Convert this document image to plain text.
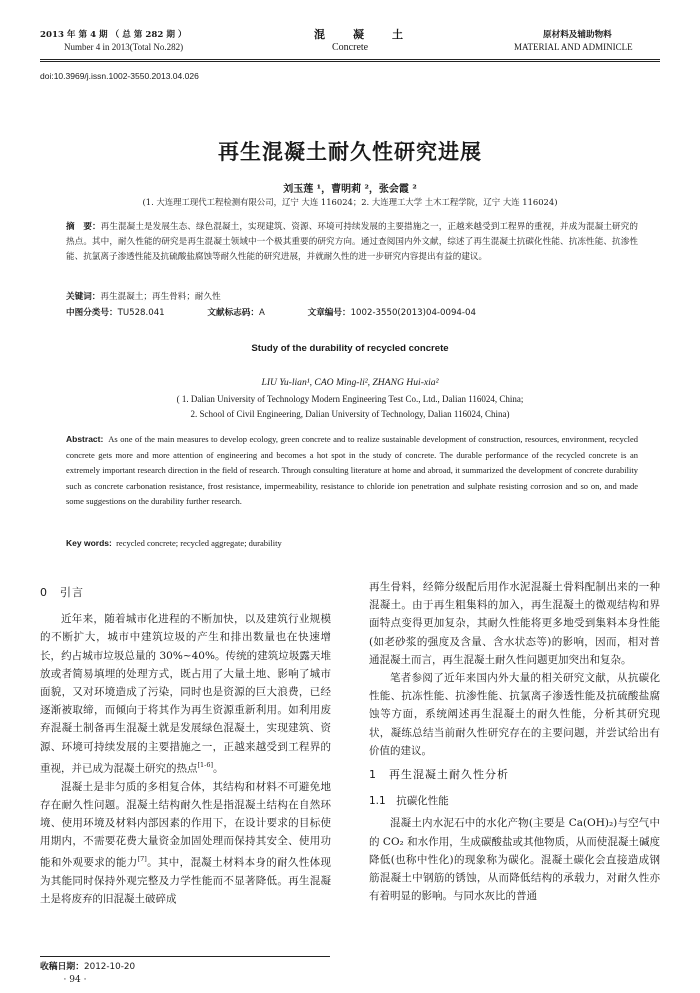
2013 年 第 4 期 （ 总 第 282 期 ）
Number 4 in 2013(Total No.282)
混　　凝　　土
Concrete
原材料及辅助物料
MATERIAL AND ADMINICLE
doi:10.3969/j.issn.1002-3550.2013.04.026
再生混凝土耐久性研究进展
刘玉莲 ¹，曹明莉 ²，张会霞 ²
(1. 大连理工现代工程检测有限公司，辽宁 大连 116024；2. 大连理工大学 土木工程学院，辽宁 大连 116024)
摘　要：再生混凝土是发展生态、绿色混凝土，实现建筑、资源、环境可持续发展的主要措施之一，正越来越受到工程界的重视，并成为混凝土研究的热点。其中，耐久性能的研究是再生混凝土领域中一个极其重要的研究方向。通过查阅国内外文献，综述了再生混凝土抗碳化性能、抗冻性能、抗渗性能、抗氯离子渗透性能及抗硫酸盐腐蚀等耐久性能的研究进展，并就耐久性的进一步研究内容提出有益的建议。
关键词：再生混凝土；再生骨料；耐久性
中图分类号：TU528.041	文献标志码：A	文章编号：1002-3550(2013)04-0094-04
Study of the durability of recycled concrete
LIU Yu-lian¹, CAO Ming-li², ZHANG Hui-xia²
( 1. Dalian University of Technology Modern Engineering Test Co., Ltd., Dalian 116024, China;
2. School of Civil Engineering, Dalian University of Technology, Dalian 116024, China)
Abstract: As one of the main measures to develop ecology, green concrete and to realize sustainable development of construction, resources, environment, recycled concrete gets more and more attention of engineering and becomes a hot spot in the study of concrete. The durable performance of the recycled concrete is an extremely important research direction in the field of research. Through consulting literature at home and abroad, it summarized the development of concrete durability such as concrete carbonation resistance, frost resistance, impermeability, resistance to chloride ion penetration and sulphate resisting corrosion and so on, and made some suggestions on the durability further research.
Key words: recycled concrete; recycled aggregate; durability
0　引言

近年来，随着城市化进程的不断加快，以及建筑行业规模的不断扩大，城市中建筑垃圾的产生和排出数量也在快速增长，约占城市垃圾总量的 30%~40%。传统的建筑垃圾露天堆放或者简易填埋的处理方式，既占用了大量土地、影响了城市面貌，又对环境造成了污染，同时也是资源的巨大浪费，已经逐渐被取缔，而倾向于将其作为再生资源重新利用。如利用废弃混凝土制备再生混凝土就是发展绿色混凝土，实现建筑、资源、环境可持续发展的主要措施之一，正越来越受到工程界的重视，并已成为混凝土研究的热点[1-6]。

混凝土是非匀质的多相复合体，其结构和材料不可避免地存在耐久性问题。混凝土结构耐久性是指混凝土结构在自然环境、使用环境及材料内部因素的作用下，在设计要求的目标使用期内，不需要花费大量资金加固处理而保持其安全、使用功能和外观要求的能力[7]。其中，混凝土材料本身的耐久性体现为其能同时保持外观完整及力学性能而不显著降低。再生混凝土是将废弃的旧混凝土破碎成

再生骨料，经筛分级配后用作水泥混凝土骨料配制出来的一种混凝土。由于再生粗集料的加入，再生混凝土的微观结构和界面特点变得更加复杂，其耐久性能将更多地受到集料本身性能(如老砂浆的强度及含量、含水状态等)的影响，因而，相对普通混凝土而言，再生混凝土耐久性问题更加突出和复杂。

笔者参阅了近年来国内外大量的相关研究文献，从抗碳化性能、抗冻性能、抗渗性能、抗氯离子渗透性能及抗硫酸盐腐蚀等方面，系统阐述再生混凝土的耐久性能，分析其研究现状，凝练总结当前耐久性研究存在的主要问题，并尝试给出有价值的建议。

1　再生混凝土耐久性分析
1.1　抗碳化性能

混凝土内水泥石中的水化产物(主要是 Ca(OH)₂)与空气中的 CO₂ 和水作用，生成碳酸盐或其他物质，从而使混凝土碱度降低(也称中性化)的现象称为碳化。混凝土碳化会直接造成钢筋混凝土中钢筋的锈蚀，从而降低结构的承载力，对耐久性亦有着明显的影响。与同水灰比的普通

收稿日期：2012-10-20
· 94 ·
